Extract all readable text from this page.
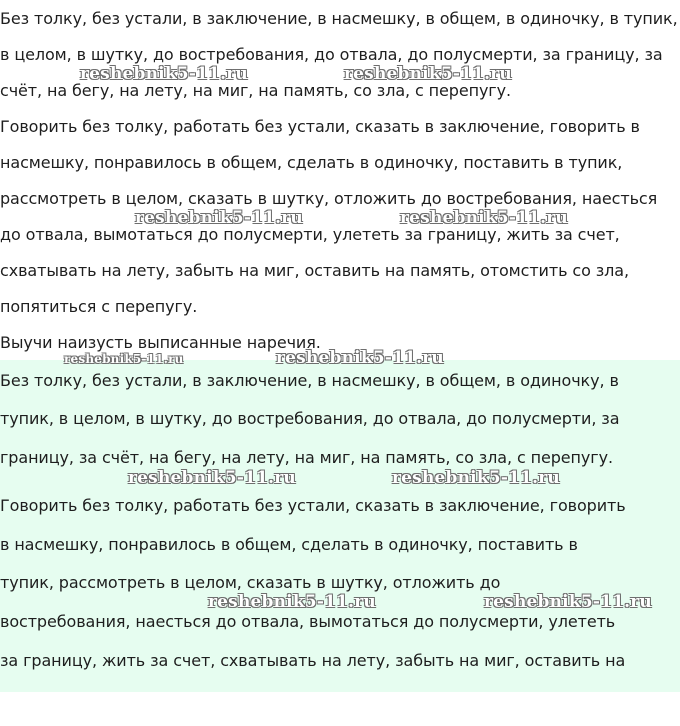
Без толку, без устали, в заключение, в насмешку, в общем, в одиночку, в тупик,
в целом, в шутку, до востребования, до отвала, до полусмерти, за границу, за
счёт, на бегу, на лету, на миг, на память, со зла, с перепугу.
Говорить без толку, работать без устали, сказать в заключение, говорить в
насмешку, понравилось в общем, сделать в одиночку, поставить в тупик,
рассмотреть в целом, сказать в шутку, отложить до востребования, наесться
до отвала, вымотаться до полусмерти, улететь за границу, жить за счет,
схватывать на лету, забыть на миг, оставить на память, отомстить со зла,
попятиться с перепугу.
Выучи наизусть выписанные наречия.
Без толку, без устали, в заключение, в насмешку, в общем, в одиночку, в
тупик, в целом, в шутку, до востребования, до отвала, до полусмерти, за
границу, за счёт, на бегу, на лету, на миг, на память, со зла, с перепугу.
Говорить без толку, работать без устали, сказать в заключение, говорить
в насмешку, понравилось в общем, сделать в одиночку, поставить в
тупик, рассмотреть в целом, сказать в шутку, отложить до
востребования, наесться до отвала, вымотаться до полусмерти, улететь
за границу, жить за счет, схватывать на лету, забыть на миг, оставить на
reshebnik5-11.ru	reshebnik5-11.ru
reshebnik5-11.ru	reshebnik5-11.ru
reshebnik5-11.ru	reshebnik5-11.ru
reshebnik5-11.ru	reshebnik5-11.ru
reshebnik5-11.ru	reshebnik5-11.ru
